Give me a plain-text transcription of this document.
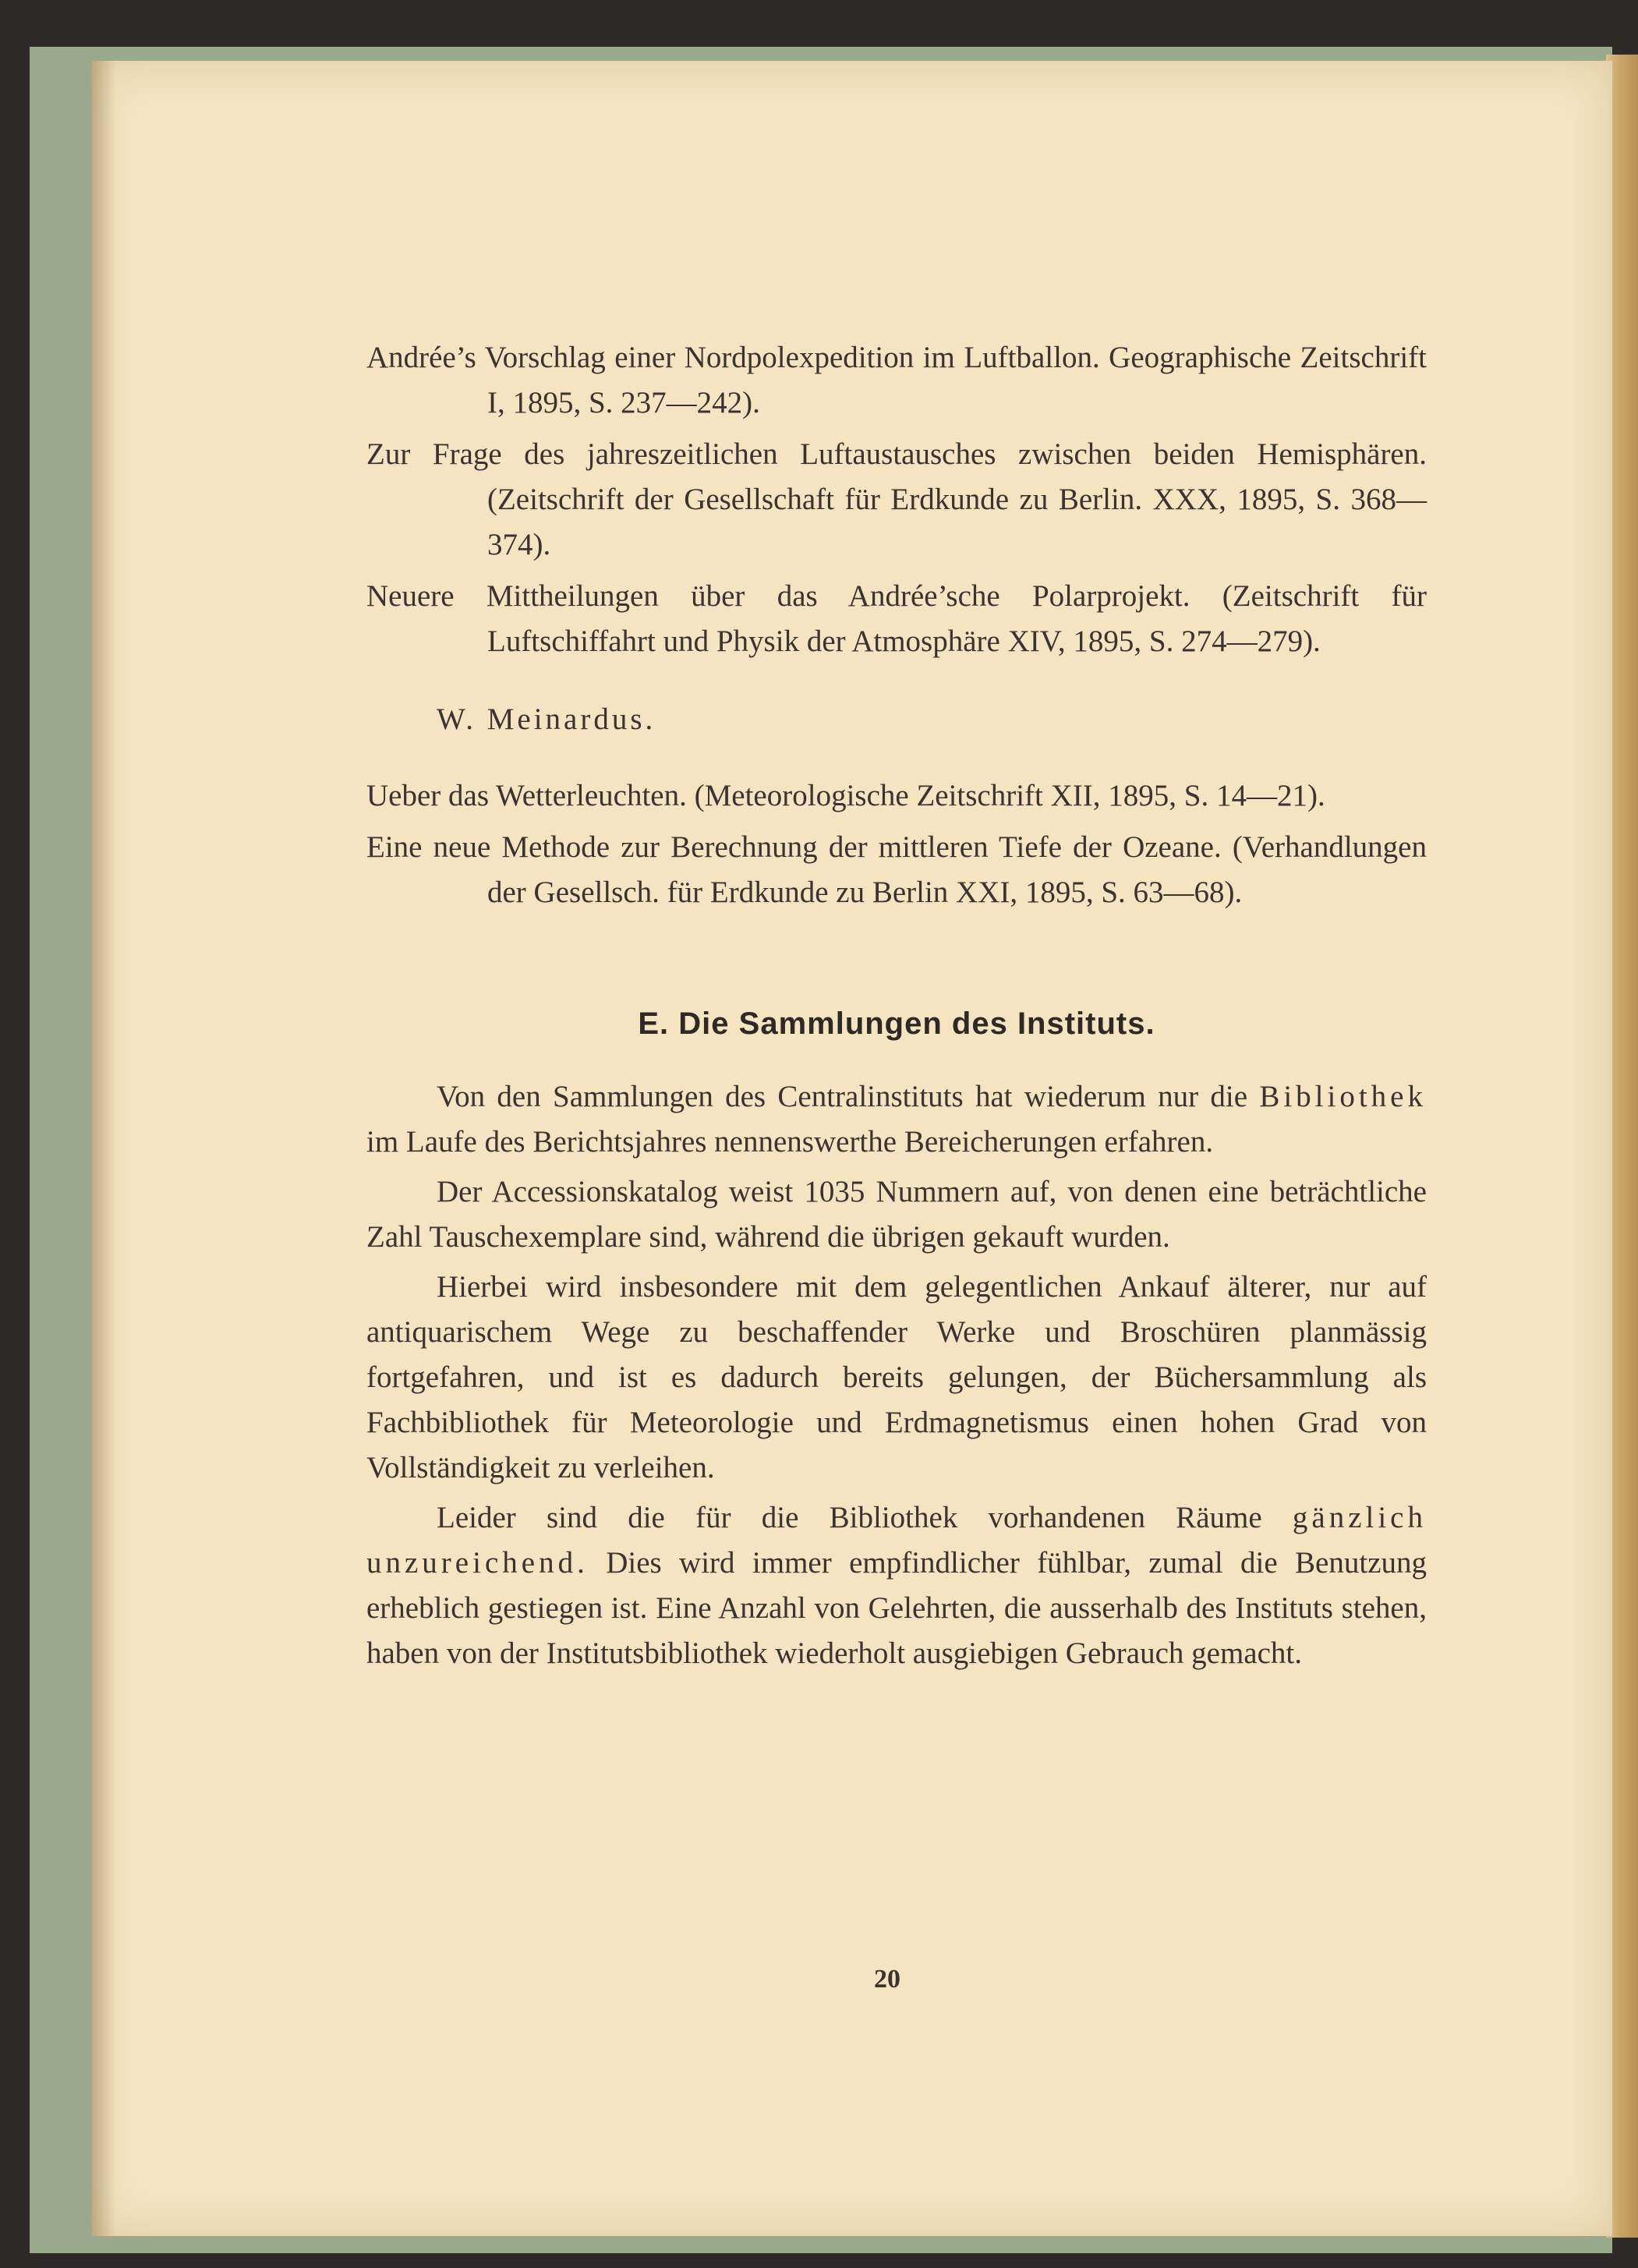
Andrée’s Vorschlag einer Nordpolexpedition im Luftballon. Geographische Zeitschrift I, 1895, S. 237—242).

Zur Frage des jahreszeitlichen Luftaustausches zwischen beiden Hemisphären. (Zeitschrift der Gesellschaft für Erdkunde zu Berlin. XXX, 1895, S. 368—374).

Neuere Mittheilungen über das Andrée’sche Polarprojekt. (Zeitschrift für Luftschiffahrt und Physik der Atmosphäre XIV, 1895, S. 274—279).

W. Meinardus.

Ueber das Wetterleuchten. (Meteorologische Zeitschrift XII, 1895, S. 14—21).

Eine neue Methode zur Berechnung der mittleren Tiefe der Ozeane. (Verhandlungen der Gesellsch. für Erdkunde zu Berlin XXI, 1895, S. 63—68).

E. Die Sammlungen des Instituts.

Von den Sammlungen des Centralinstituts hat wiederum nur die Bibliothek im Laufe des Berichtsjahres nennenswerthe Bereicherungen erfahren.

Der Accessionskatalog weist 1035 Nummern auf, von denen eine beträchtliche Zahl Tauschexemplare sind, während die übrigen gekauft wurden.

Hierbei wird insbesondere mit dem gelegentlichen Ankauf älterer, nur auf antiquarischem Wege zu beschaffender Werke und Broschüren planmässig fortgefahren, und ist es dadurch bereits gelungen, der Büchersammlung als Fachbibliothek für Meteorologie und Erdmagnetismus einen hohen Grad von Vollständigkeit zu verleihen.

Leider sind die für die Bibliothek vorhandenen Räume gänzlich unzureichend. Dies wird immer empfindlicher fühlbar, zumal die Benutzung erheblich gestiegen ist. Eine Anzahl von Gelehrten, die ausserhalb des Instituts stehen, haben von der Institutsbibliothek wiederholt ausgiebigen Gebrauch gemacht.

20
